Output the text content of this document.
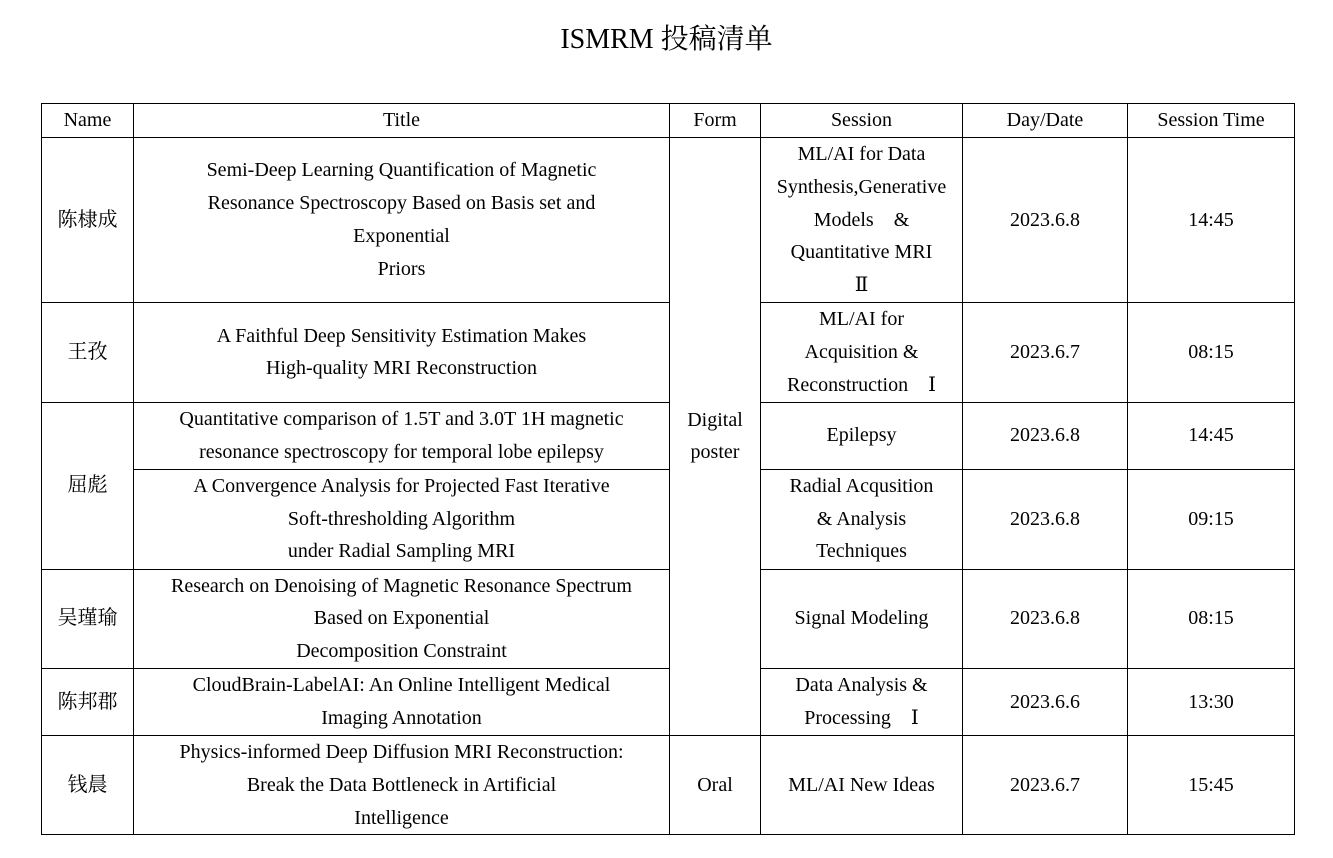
ISMRM 投稿清单
Name	Title	Form	Session	Day/Date	Session Time
陈棣成	Semi-Deep Learning Quantification of Magnetic
Resonance Spectroscopy Based on Basis set and
Exponential
Priors	Digital
poster	ML/AI for Data
Synthesis,Generative Models　&
Quantitative MRI
Ⅱ	2023.6.8	14:45
王孜	A Faithful Deep Sensitivity Estimation Makes
High-quality MRI Reconstruction		ML/AI for
Acquisition &
Reconstruction　Ⅰ	2023.6.7	08:15
屈彪	Quantitative comparison of 1.5T and 3.0T 1H magnetic
resonance spectroscopy for temporal lobe epilepsy		Epilepsy	2023.6.8	14:45
	A Convergence Analysis for Projected Fast Iterative
Soft-thresholding Algorithm
under Radial Sampling MRI		Radial Acqusition
& Analysis
Techniques	2023.6.8	09:15
吴瑾瑜	Research on Denoising of Magnetic Resonance Spectrum
Based on Exponential
Decomposition Constraint		Signal Modeling	2023.6.8	08:15
陈邦郡	CloudBrain-LabelAI: An Online Intelligent Medical
Imaging Annotation		Data Analysis &
Processing　Ⅰ	2023.6.6	13:30
钱晨	Physics-informed Deep Diffusion MRI Reconstruction:
Break the Data Bottleneck in Artificial
Intelligence	Oral	ML/AI New Ideas	2023.6.7	15:45
